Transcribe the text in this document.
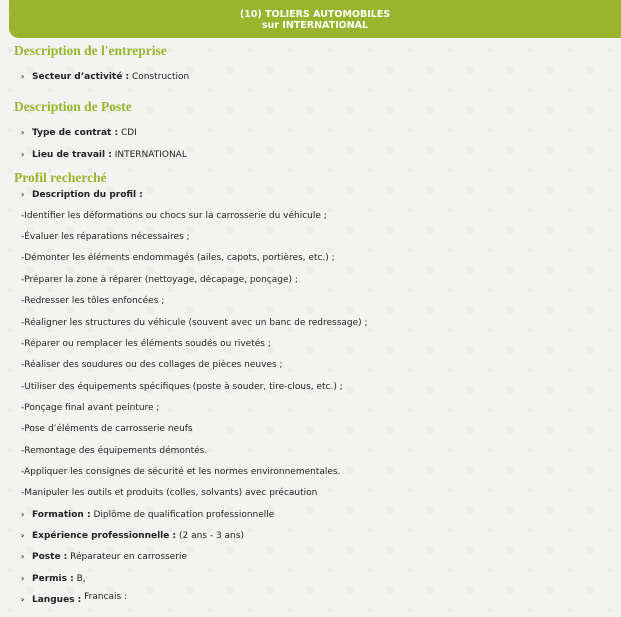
(10) TOLIERS AUTOMOBILES
sur INTERNATIONAL
Description de l'entreprise
› Secteur d’activité : Construction
Description de Poste
› Type de contrat : CDI
› Lieu de travail : INTERNATIONAL
Profil recherché
› Description du profil :
-Identifier les déformations ou chocs sur la carrosserie du véhicule ;
-Évaluer les réparations nécessaires ;
-Démonter les éléments endommagés (ailes, capots, portières, etc.) ;
-Préparer la zone à réparer (nettoyage, décapage, ponçage) ;
-Redresser les tôles enfoncées ;
-Réaligner les structures du véhicule (souvent avec un banc de redressage) ;
-Réparer ou remplacer les éléments soudés ou rivetés ;
-Réaliser des soudures ou des collages de pièces neuves ;
-Utiliser des équipements spécifiques (poste à souder, tire-clous, etc.) ;
-Ponçage final avant peinture ;
-Pose d’éléments de carrosserie neufs
-Remontage des équipements démontés.
-Appliquer les consignes de sécurité et les normes environnementales.
-Manipuler les outils et produits (colles, solvants) avec précaution
› Formation : Diplôme de qualification professionnelle
› Expérience professionnelle : (2 ans - 3 ans)
› Poste : Réparateur en carrosserie
› Permis : B,
› Langues : Francais :
